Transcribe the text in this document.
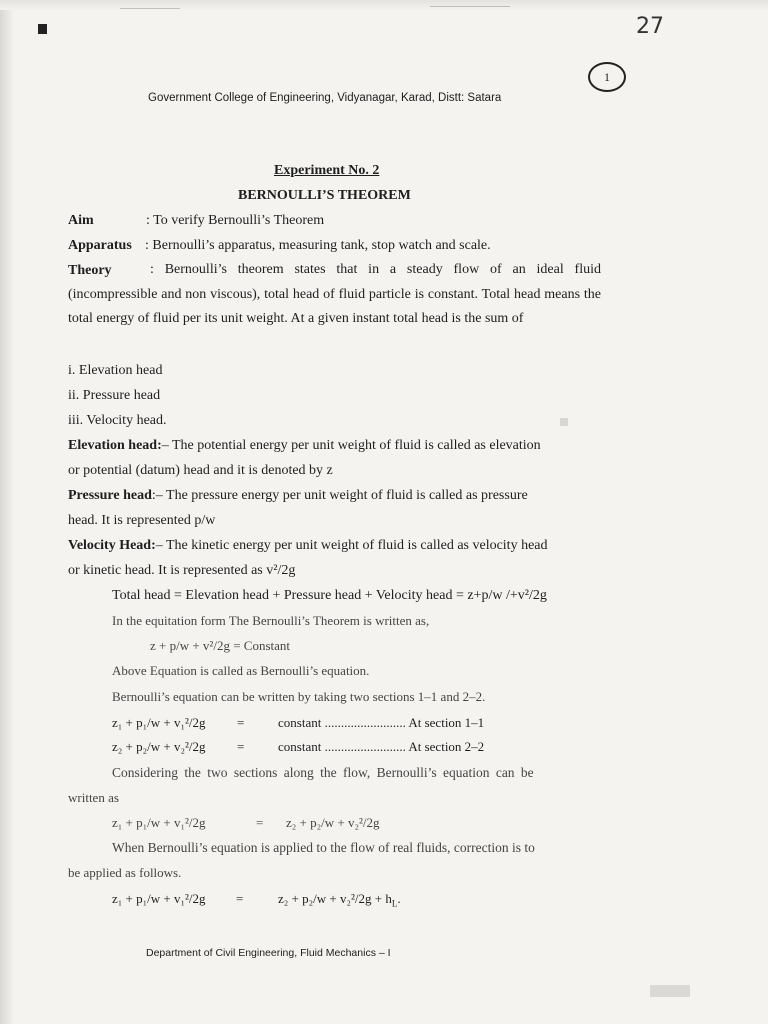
27
1
Government College of Engineering, Vidyanagar, Karad, Distt: Satara
Experiment No. 2
BERNOULLI’S THEOREM
Aim	: To verify Bernoulli’s Theorem
Apparatus : Bernoulli’s apparatus, measuring tank, stop watch and scale.
Theory	: Bernoulli’s theorem states that in a steady flow of an ideal fluid (incompressible and non viscous), total head of fluid particle is constant. Total head means the total energy of fluid per its unit weight. At a given instant total head is the sum of
i. Elevation head
ii. Pressure head
iii. Velocity head.
Elevation head:– The potential energy per unit weight of fluid is called as elevation
or potential (datum) head and it is denoted by z
Pressure head:– The pressure energy per unit weight of fluid is called as pressure
head. It is represented p/w
Velocity Head:– The kinetic energy per unit weight of fluid is called as velocity head
or kinetic head. It is represented as v²/2g
Total head = Elevation head + Pressure head + Velocity head = z+p/w /+v²/2g
In the equitation form The Bernoulli’s Theorem is written as,
z + p/w + v²/2g = Constant
Above Equation is called as Bernoulli’s equation.
Bernoulli’s equation can be written by taking two sections 1–1 and 2–2.
z₁ + p₁/w + v₁²/2g =	constant ......................... At section 1–1
z₂ + p₂/w + v₂²/2g =	constant ......................... At section 2–2
Considering the two sections along the flow, Bernoulli’s equation can be
written as
z₁ + p₁/w + v₁²/2g	= z₂ + p₂/w + v₂²/2g
When Bernoulli’s equation is applied to the flow of real fluids, correction is to
be applied as follows.
z₁ + p₁/w + v₁²/2g =	$z_2 + p_2/w + v_2^2/2g + h_L$.
Department of Civil Engineering, Fluid Mechanics – I
